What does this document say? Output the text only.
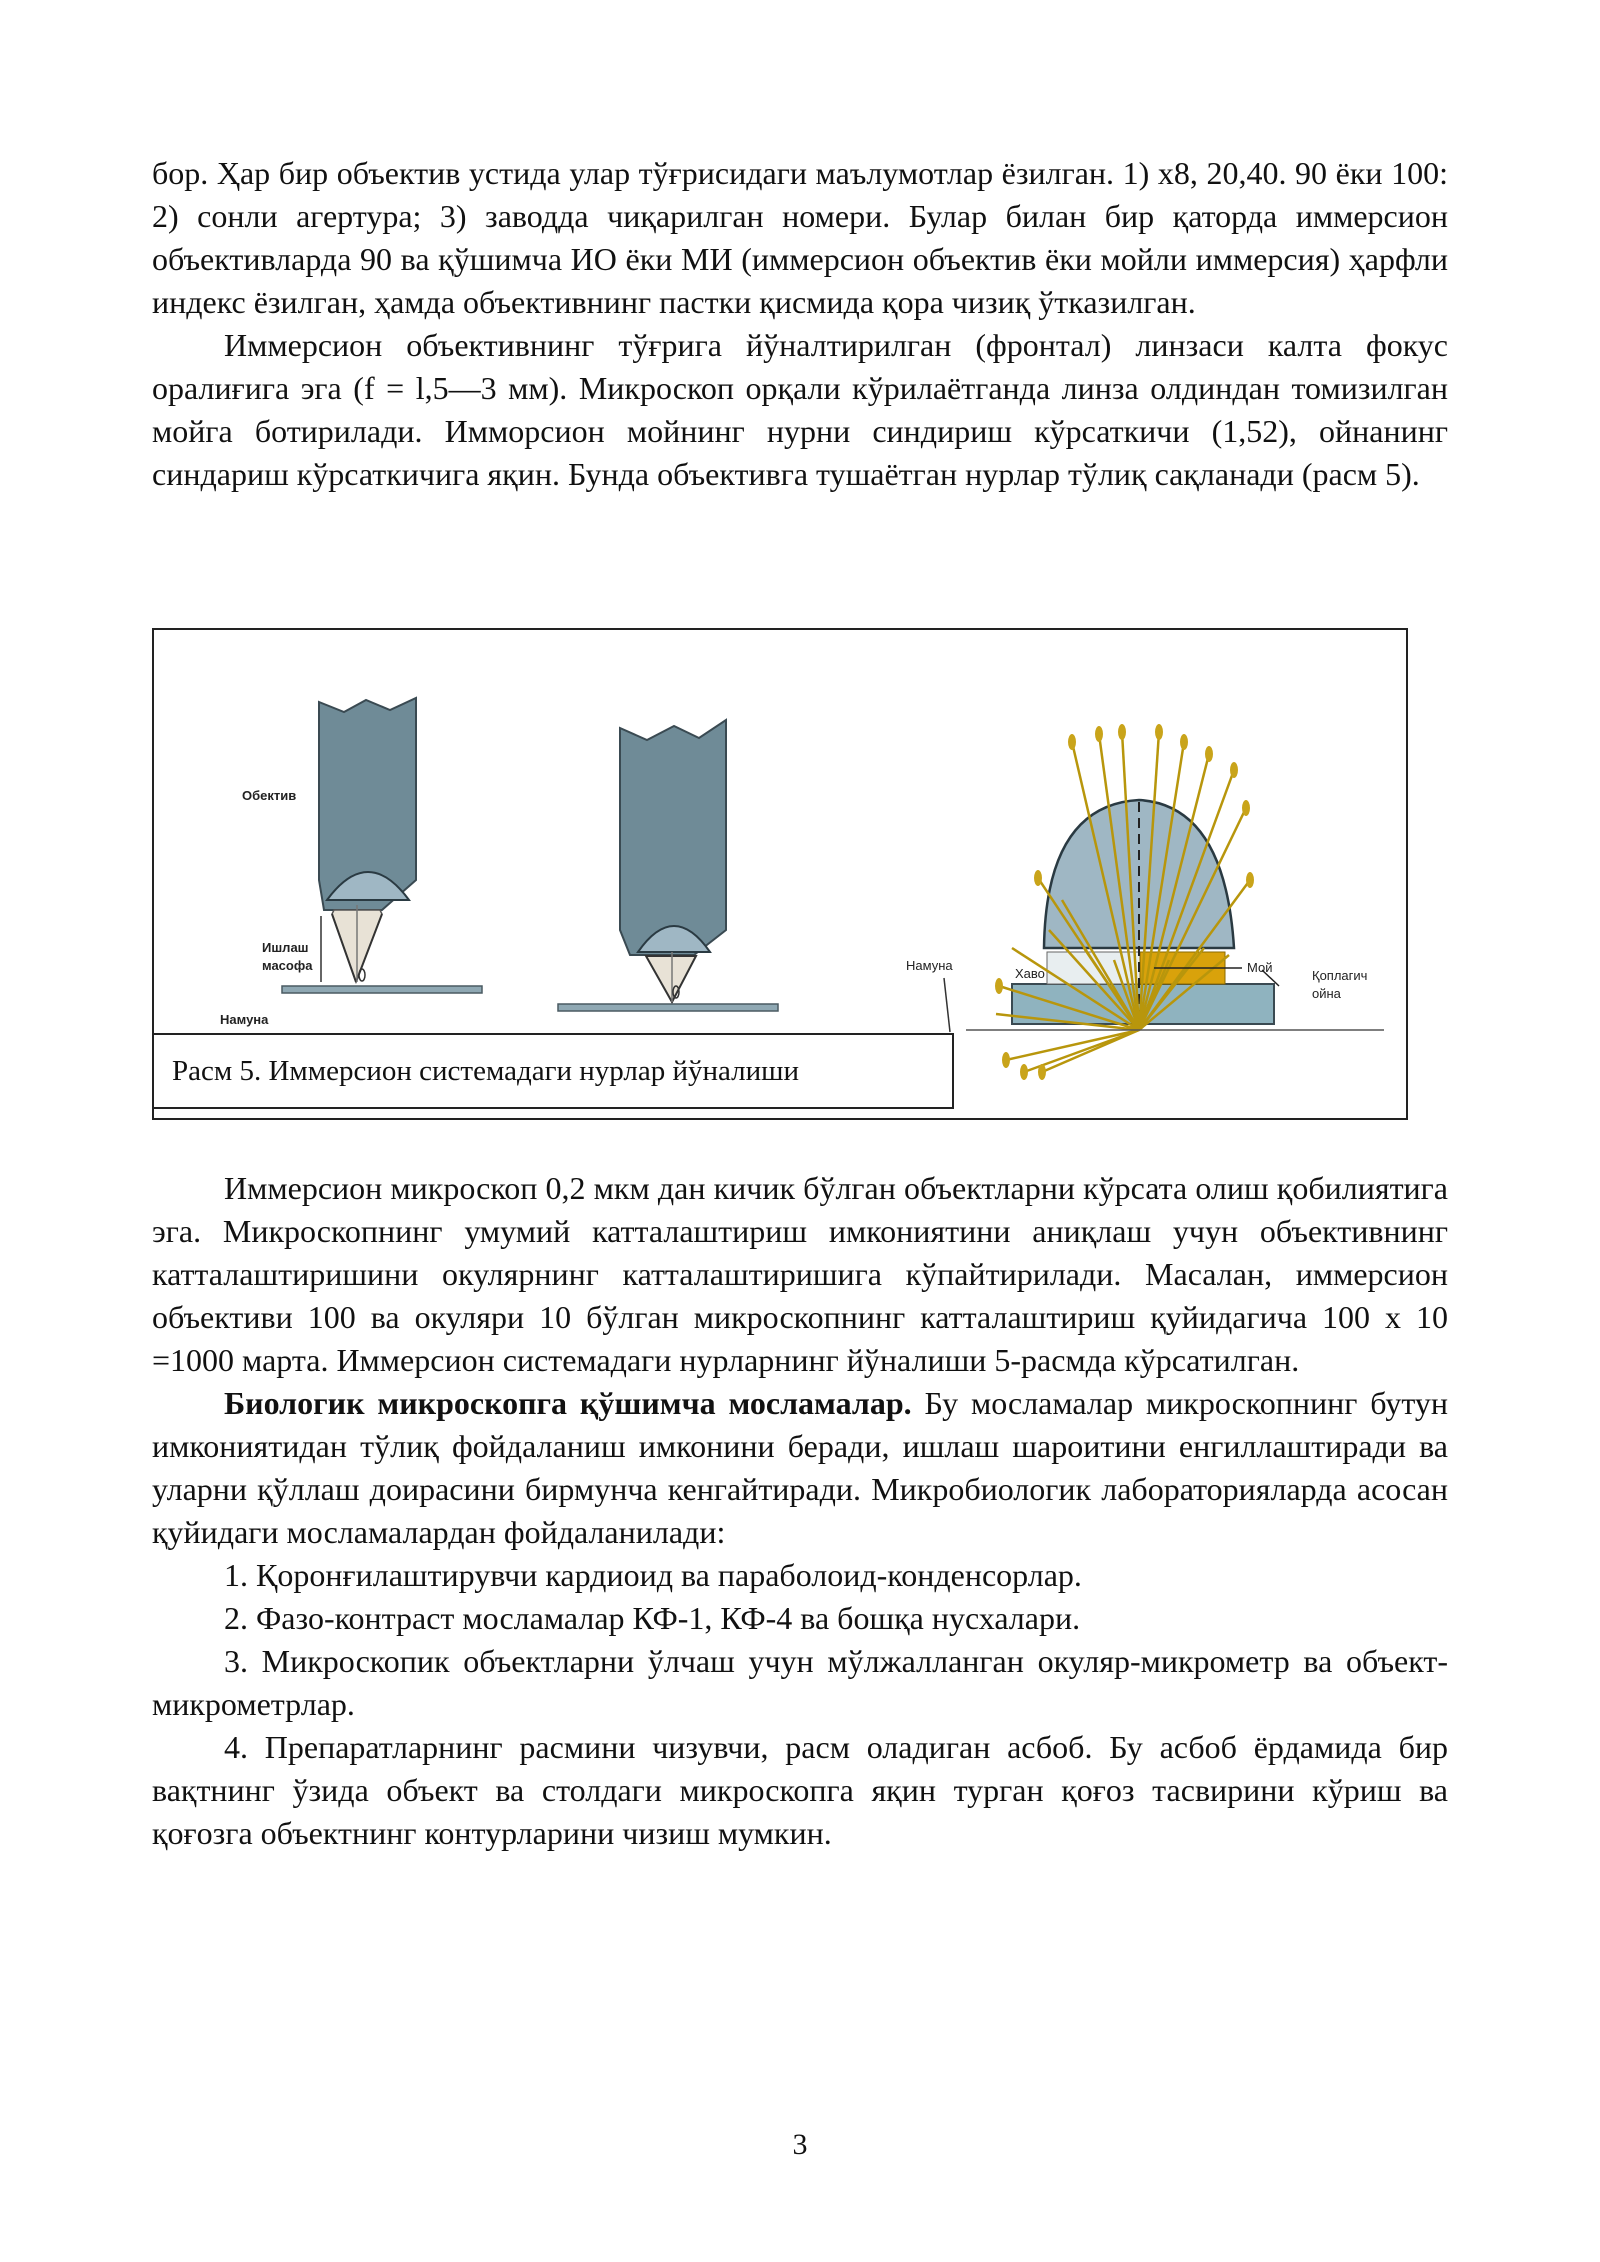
бор. Ҳар бир объектив устида улар тўғрисидаги маълумотлар ёзилган. 1) х8, 20,40. 90 ёки 100: 2) сонли агертура; 3) заводда чиқарилган номери. Булар билан бир қаторда иммерсион объективларда 90 ва қўшимча ИО ёки МИ (иммерсион объектив ёки мойли иммерсия) ҳарфли индекс ёзилган, ҳамда объективнинг пастки қисмида қора чизиқ ўтказилган.

Иммерсион объективнинг тўғрига йўналтирилган (фронтал) линзаси калта фокус оралиғига эга (f = l,5—3 мм). Микроскоп орқали кўрилаётганда линза олдиндан томизилган мойга ботирилади. Имморсион мойнинг нурни синдириш кўрсаткичи (1,52), ойнанинг синдариш кўрсаткичига яқин. Бунда объективга тушаётган нурлар тўлиқ сақланади (расм 5).

Обектив
Ишлаш
масофа
Намуна
Намуна
Хаво	Мой
Қоплагич
ойна
Расм 5. Иммерсион системадаги нурлар йўналиши

Иммерсион микроскоп 0,2 мкм дан кичик бўлган объектларни кўрсата олиш қобилиятига эга. Микроскопнинг умумий катталаштириш имкониятини аниқлаш учун объективнинг катталаштиришини окулярнинг катталаштиришига кўпайтирилади. Масалан, иммерсион объективи 100 ва окуляри 10 бўлган микроскопнинг катталаштириш қуйидагича 100 х 10 =1000 марта. Иммерсион системадаги нурларнинг йўналиши 5-расмда кўрсатилган.

Биологик микроскопга қўшимча мосламалар. Бу мосламалар микроскопнинг бутун имкониятидан тўлиқ фойдаланиш имконини беради, ишлаш шароитини енгиллаштиради ва уларни қўллаш доирасини бирмунча кенгайтиради. Микробиологик лабораторияларда асосан қуйидаги мосламалардан фойдаланилади:

1. Қоронғилаштирувчи кардиоид ва параболоид-конденсорлар.

2. Фазо-контраст мосламалар КФ-1, КФ-4 ва бошқа нусхалари.

3. Микроскопик объектларни ўлчаш учун мўлжалланган окуляр-микрометр ва объект-микрометрлар.

4. Препаратларнинг расмини чизувчи, расм оладиган асбоб. Бу асбоб ёрдамида бир вақтнинг ўзида объект ва столдаги микроскопга яқин турган қоғоз тасвирини кўриш ва қоғозга объектнинг контурларини чизиш мумкин.

3
